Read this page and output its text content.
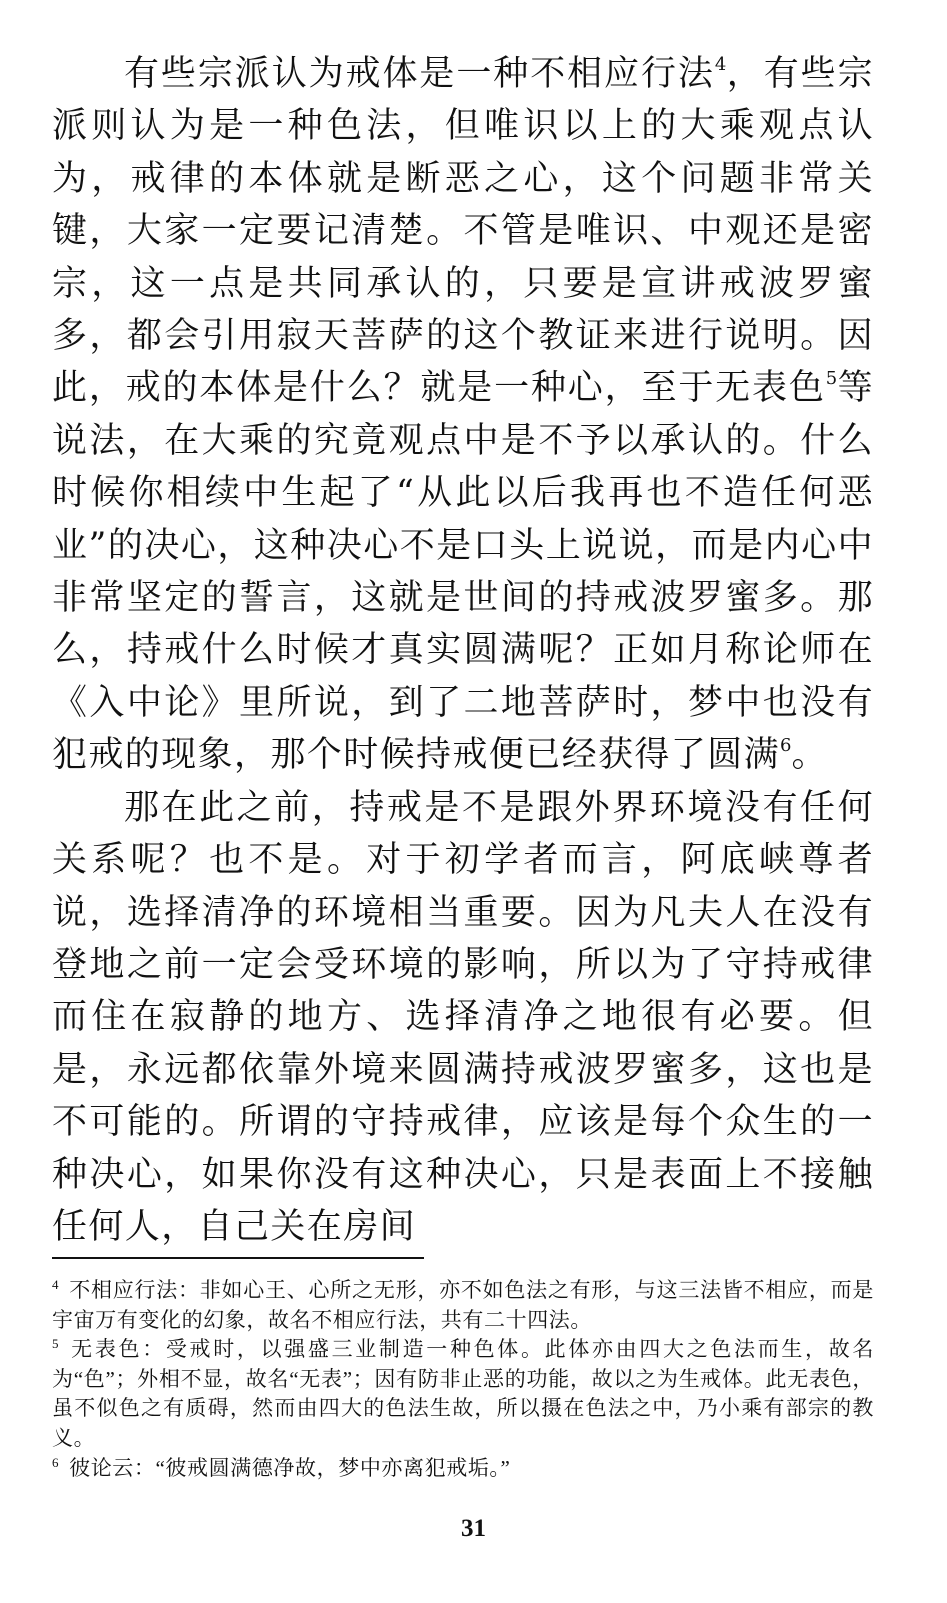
有些宗派认为戒体是一种不相应行法$^4$，有些宗派则认为是一种色法，但唯识以上的大乘观点认为，戒律的本体就是断恶之心，这个问题非常关键，大家一定要记清楚。不管是唯识、中观还是密宗，这一点是共同承认的，只要是宣讲戒波罗蜜多，都会引用寂天菩萨的这个教证来进行说明。因此，戒的本体是什么？就是一种心，至于无表色$^5$等说法，在大乘的究竟观点中是不予以承认的。什么时候你相续中生起了“从此以后我再也不造任何恶业”的决心，这种决心不是口头上说说，而是内心中非常坚定的誓言，这就是世间的持戒波罗蜜多。那么，持戒什么时候才真实圆满呢？正如月称论师在《入中论》里所说，到了二地菩萨时，梦中也没有犯戒的现象，那个时候持戒便已经获得了圆满$^6$。

那在此之前，持戒是不是跟外界环境没有任何关系呢？也不是。对于初学者而言，阿底峡尊者说，选择清净的环境相当重要。因为凡夫人在没有登地之前一定会受环境的影响，所以为了守持戒律而住在寂静的地方、选择清净之地很有必要。但是，永远都依靠外境来圆满持戒波罗蜜多，这也是不可能的。所谓的守持戒律，应该是每个众生的一种决心，如果你没有这种决心，只是表面上不接触任何人，自己关在房间

$^4$ 不相应行法：非如心王、心所之无形，亦不如色法之有形，与这三法皆不相应，而是宇宙万有变化的幻象，故名不相应行法，共有二十四法。

$^5$ 无表色：受戒时，以强盛三业制造一种色体。此体亦由四大之色法而生，故名为“色”；外相不显，故名“无表”；因有防非止恶的功能，故以之为生戒体。此无表色，虽不似色之有质碍，然而由四大的色法生故，所以摄在色法之中，乃小乘有部宗的教义。

$^6$ 彼论云：“彼戒圆满德净故，梦中亦离犯戒垢。”

31
